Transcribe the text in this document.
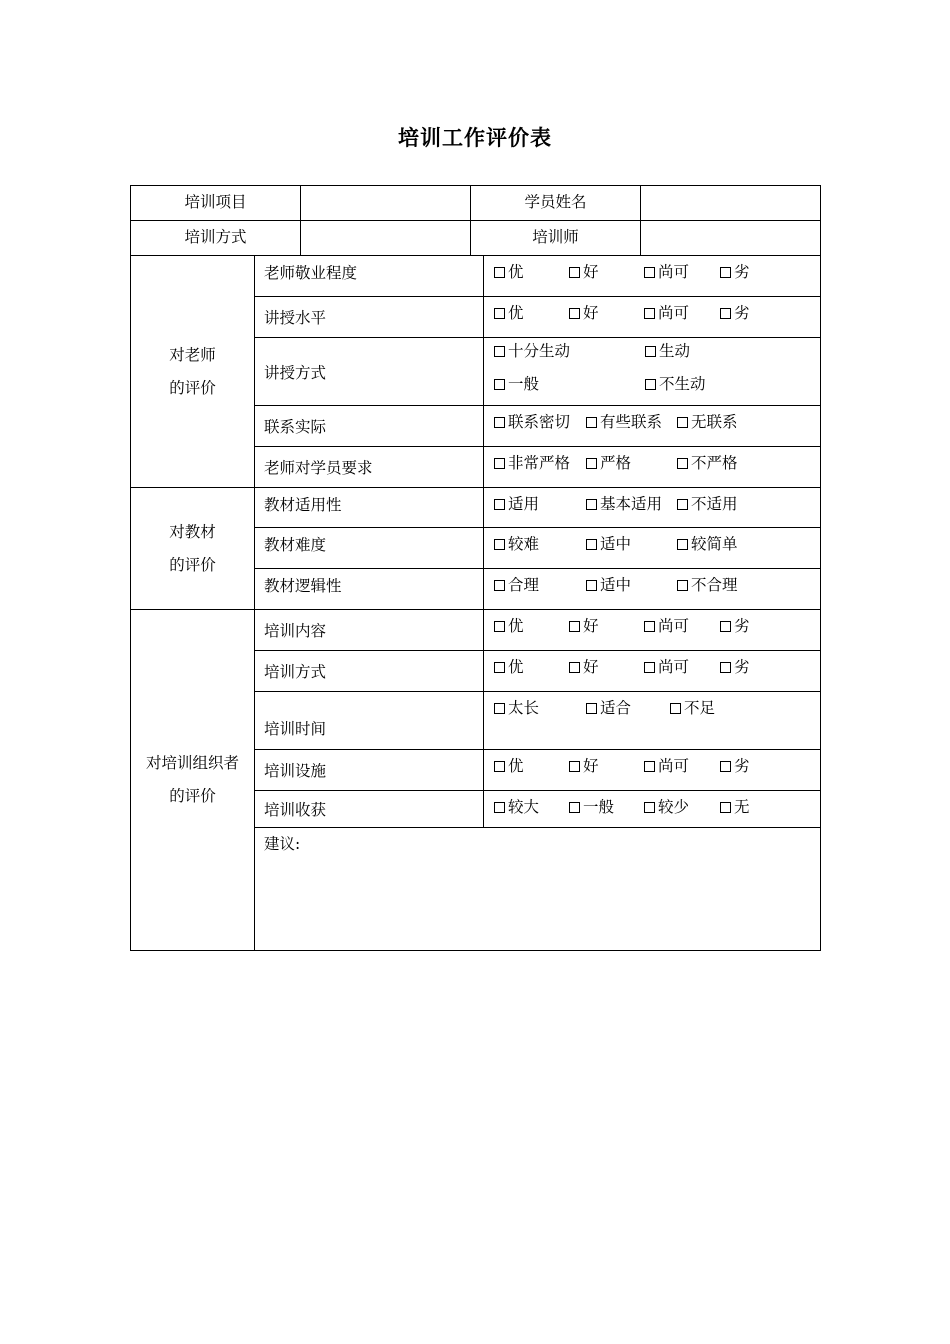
培训工作评价表
培训项目			学员姓名		
培训方式			培训师		
对老师
的评价	老师敬业程度			优 好 尚可 劣	
	讲授水平			优 好 尚可 劣	
	讲授方式			十分生动 生动
一般 不生动	

	联系实际			联系密切 有些联系 无联系	
	老师对学员要求			非常严格 严格 不严格	
对教材
的评价	教材适用性			适用 基本适用 不适用	
	教材难度			较难 适中 较简单	
	教材逻辑性			合理 适中 不合理	
对培训组织者
的评价	培训内容			优 好 尚可 劣	
	培训方式			优 好 尚可 劣	
	培训时间			太长 适合 不足	
	培训设施			优 好 尚可 劣	
	培训收获			较大 一般 较少 无	
	建议:				
